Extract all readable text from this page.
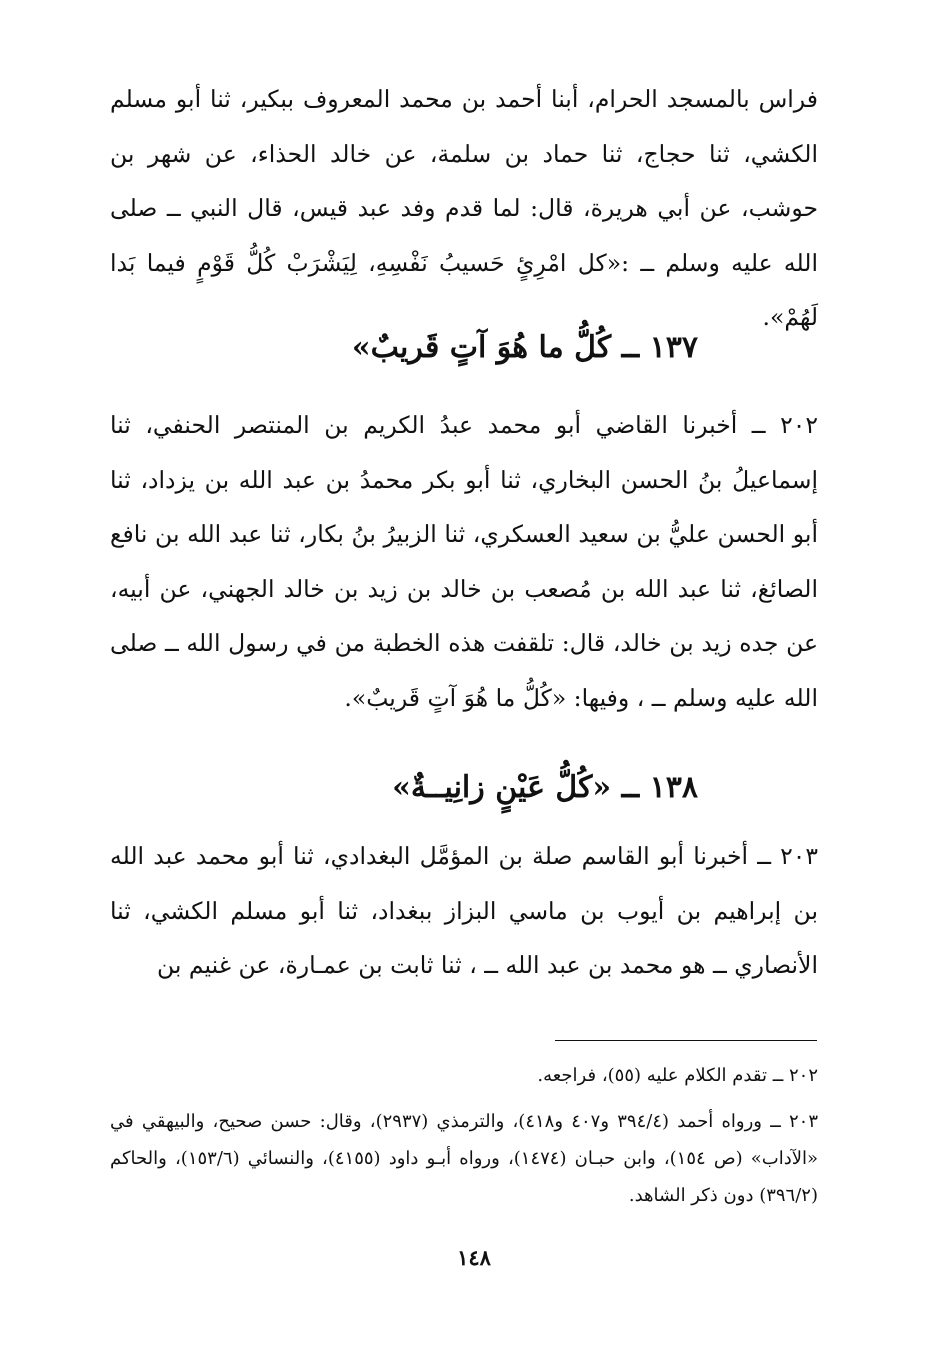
فراس بالمسجد الحرام، أبنا أحمد بن محمد المعروف ببكير، ثنا أبو مسلم الكشي، ثنا حجاج، ثنا حماد بن سلمة، عن خالد الحذاء، عن شهر بن حوشب، عن أبي هريرة، قال: لما قدم وفد عبد قيس، قال النبي ــ صلى الله عليه وسلم ــ :«كل امْرِئٍ حَسيبُ نَفْسِهِ، لِيَشْرَبْ كُلُّ قَوْمٍ فيما بَدا لَهُمْ».

١٣٧ ــ كُلُّ ما هُوَ آتٍ قَريبٌ»

٢٠٢ ــ أخبرنا القاضي أبو محمد عبدُ الكريم بن المنتصر الحنفي، ثنا إسماعيلُ بنُ الحسن البخاري، ثنا أبو بكر محمدُ بن عبد الله بن يزداد، ثنا أبو الحسن عليُّ بن سعيد العسكري، ثنا الزبيرُ بنُ بكار، ثنا عبد الله بن نافع الصائغ، ثنا عبد الله بن مُصعب بن خالد بن زيد بن خالد الجهني، عن أبيه، عن جده زيد بن خالد، قال: تلقفت هذه الخطبة من في رسول الله ــ صلى الله عليه وسلم ــ ، وفيها: «كُلُّ ما هُوَ آتٍ قَريبٌ».

١٣٨ ــ «كُلُّ عَيْنٍ زانِيــةٌ»

٢٠٣ ــ أخبرنا أبو القاسم صلة بن المؤمَّل البغدادي، ثنا أبو محمد عبد الله بن إبراهيم بن أيوب بن ماسي البزاز ببغداد، ثنا أبو مسلم الكشي، ثنا الأنصاري ــ هو محمد بن عبد الله ــ ، ثنا ثابت بن عمـارة، عن غنيم بن

٢٠٢ ــ تقدم الكلام عليه (٥٥)، فراجعه.

٢٠٣ ــ ورواه أحمد (٣٩٤/٤ و٤٠٧ و٤١٨)، والترمذي (٢٩٣٧)، وقال: حسن صحيح، والبيهقي في «الآداب» (ص ١٥٤)، وابن حبـان (١٤٧٤)، ورواه أبـو داود (٤١٥٥)، والنسائي (١٥٣/٦)، والحاكم (٣٩٦/٢) دون ذكر الشاهد.

١٤٨
